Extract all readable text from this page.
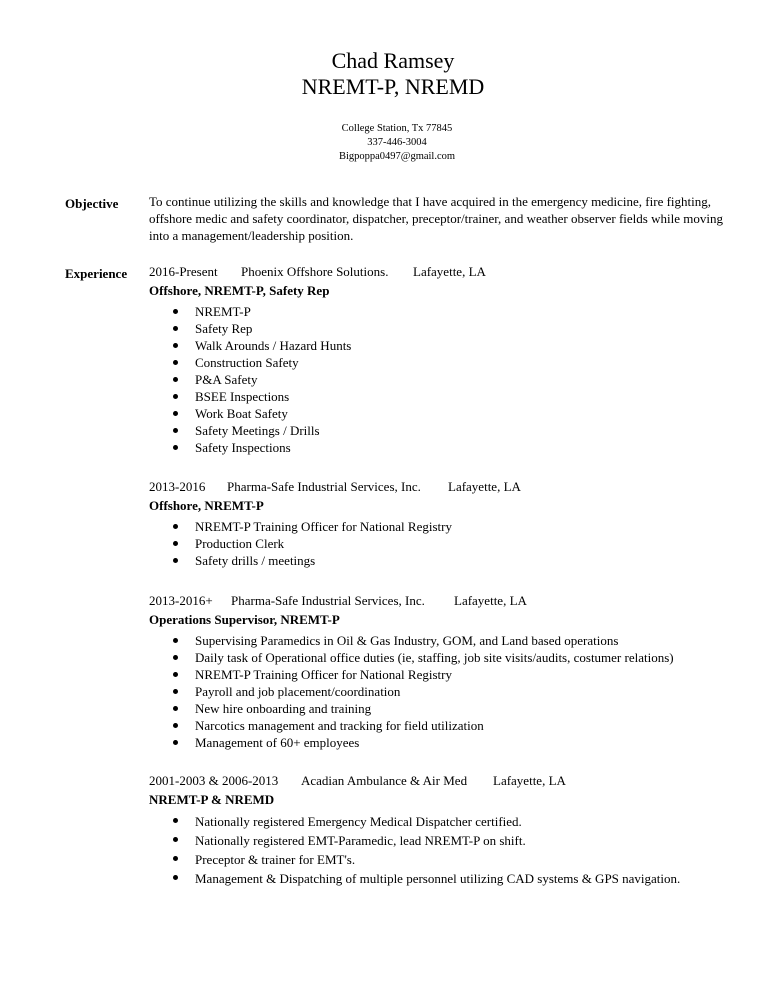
Chad Ramsey
NREMT-P, NREMD
College Station, Tx 77845
337-446-3004
Bigpoppa0497@gmail.com
Objective To continue utilizing the skills and knowledge that I have acquired in the emergency medicine, fire fighting, offshore medic and safety coordinator, dispatcher, preceptor/trainer, and weather observer fields while moving into a management/leadership position.
Experience 2016-Present Phoenix Offshore Solutions. Lafayette, LA
Offshore, NREMT-P, Safety Rep
NREMT-P
Safety Rep
Walk Arounds / Hazard Hunts
Construction Safety
P&A Safety
BSEE Inspections
Work Boat Safety
Safety Meetings / Drills
Safety Inspections
2013-2016 Pharma-Safe Industrial Services, Inc. Lafayette, LA
Offshore, NREMT-P
NREMT-P Training Officer for National Registry
Production Clerk
Safety drills / meetings
2013-2016+ Pharma-Safe Industrial Services, Inc. Lafayette, LA
Operations Supervisor, NREMT-P
Supervising Paramedics in Oil & Gas Industry, GOM, and Land based operations
Daily task of Operational office duties (ie, staffing, job site visits/audits, costumer relations)
NREMT-P Training Officer for National Registry
Payroll and job placement/coordination
New hire onboarding and training
Narcotics management and tracking for field utilization
Management of 60+ employees
2001-2003 & 2006-2013 Acadian Ambulance & Air Med Lafayette, LA
NREMT-P & NREMD
Nationally registered Emergency Medical Dispatcher certified.
Nationally registered EMT-Paramedic, lead NREMT-P on shift.
Preceptor & trainer for EMT's.
Management & Dispatching of multiple personnel utilizing CAD systems & GPS navigation.
